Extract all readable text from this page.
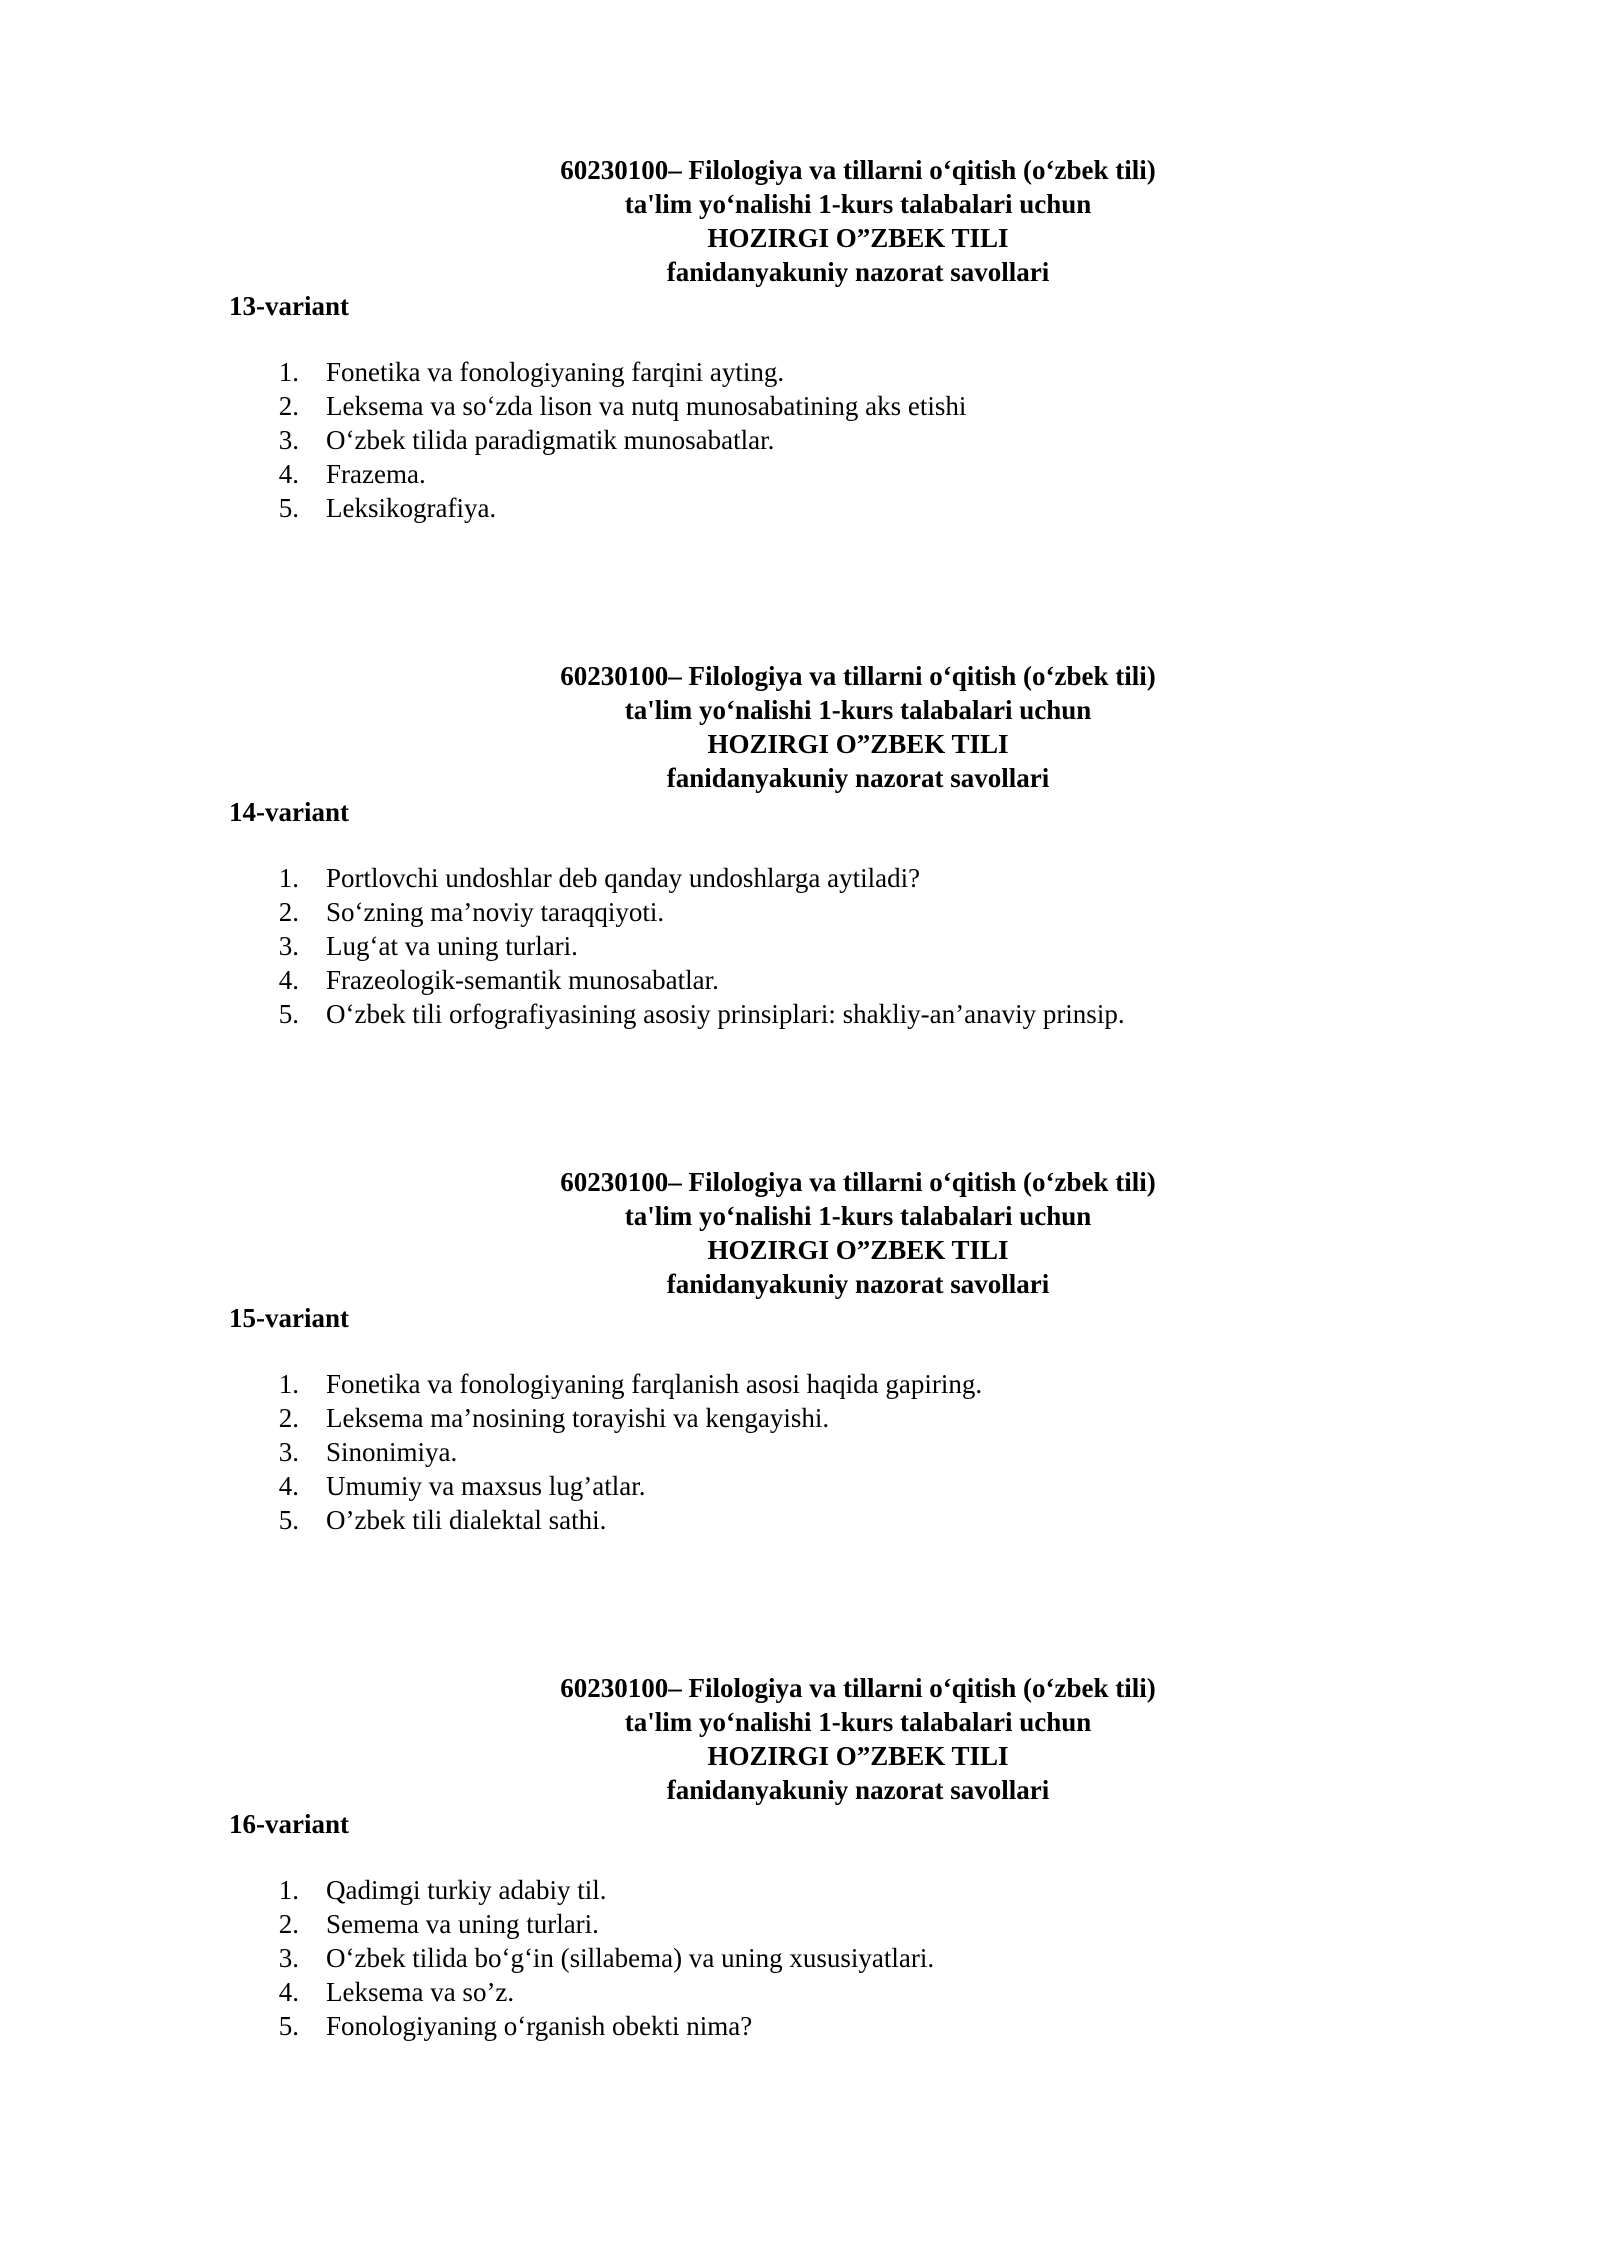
60230100– Filologiya va tillarni o‘qitish (o‘zbek tili)
ta'lim yo‘nalishi 1-kurs talabalari uchun
HOZIRGI O”ZBEK TILI
fanidanyakuniy nazorat savollari
13-variant
1. Fonetika va fonologiyaning farqini ayting.
2. Leksema va so‘zda lison va nutq munosabatining aks etishi
3. O‘zbek tilida paradigmatik munosabatlar.
4. Frazema.
5. Leksikografiya.
60230100– Filologiya va tillarni o‘qitish (o‘zbek tili)
ta'lim yo‘nalishi 1-kurs talabalari uchun
HOZIRGI O”ZBEK TILI
fanidanyakuniy nazorat savollari
14-variant
1. Portlovchi undoshlar deb qanday undoshlarga aytiladi?
2. So‘zning ma’noviy taraqqiyoti.
3. Lug‘at va uning turlari.
4. Frazeologik-semantik munosabatlar.
5. O‘zbek tili orfografiyasining asosiy prinsiplari: shakliy-an’anaviy prinsip.
60230100– Filologiya va tillarni o‘qitish (o‘zbek tili)
ta'lim yo‘nalishi 1-kurs talabalari uchun
HOZIRGI O”ZBEK TILI
fanidanyakuniy nazorat savollari
15-variant
1. Fonetika va fonologiyaning farqlanish asosi haqida gapiring.
2. Leksema ma’nosining torayishi va kengayishi.
3. Sinonimiya.
4. Umumiy va maxsus lug’atlar.
5. O’zbek tili dialektal sathi.
60230100– Filologiya va tillarni o‘qitish (o‘zbek tili)
ta'lim yo‘nalishi 1-kurs talabalari uchun
HOZIRGI O”ZBEK TILI
fanidanyakuniy nazorat savollari
16-variant
1. Qadimgi turkiy adabiy til.
2. Semema va uning turlari.
3. O‘zbek tilida bo‘g‘in (sillabema) va uning xususiyatlari.
4. Leksema va so’z.
5. Fonologiyaning o‘rganish obekti nima?
